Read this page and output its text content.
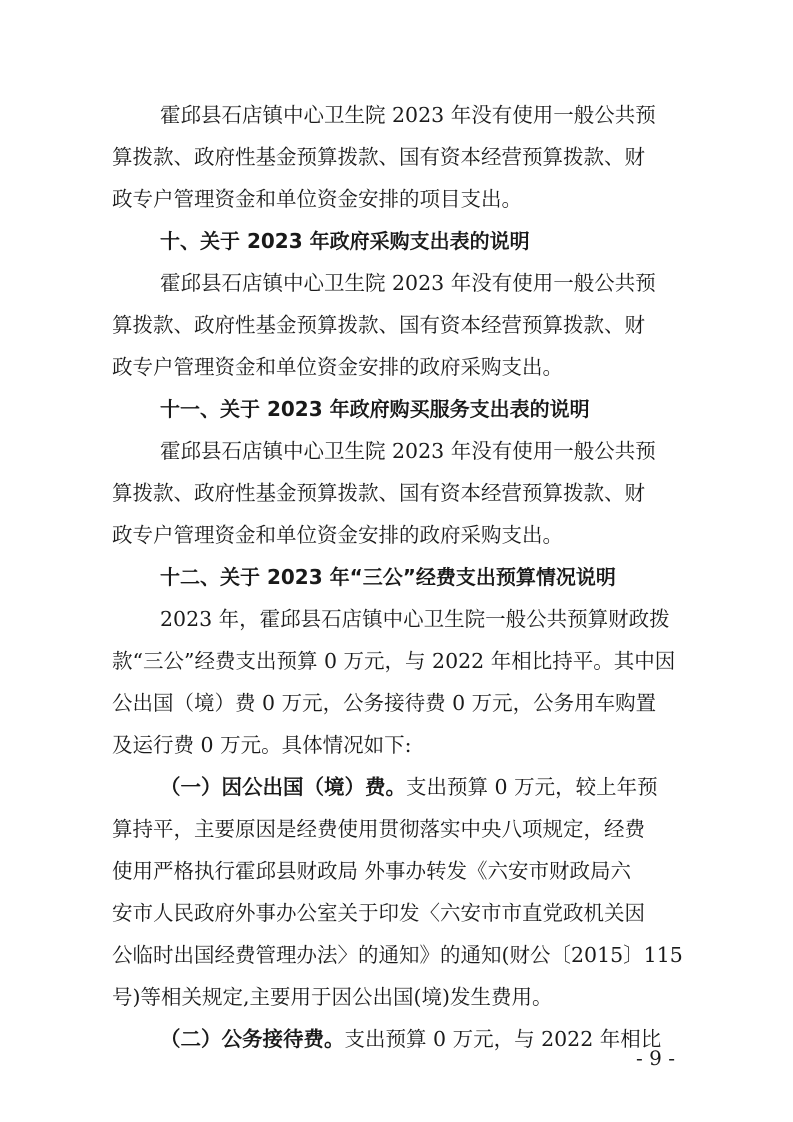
霍邱县石店镇中心卫生院 2023 年没有使用一般公共预
算拨款、政府性基金预算拨款、国有资本经营预算拨款、财
政专户管理资金和单位资金安排的项目支出。
十、关于 2023 年政府采购支出表的说明
霍邱县石店镇中心卫生院 2023 年没有使用一般公共预
算拨款、政府性基金预算拨款、国有资本经营预算拨款、财
政专户管理资金和单位资金安排的政府采购支出。
十一、关于 2023 年政府购买服务支出表的说明
霍邱县石店镇中心卫生院 2023 年没有使用一般公共预
算拨款、政府性基金预算拨款、国有资本经营预算拨款、财
政专户管理资金和单位资金安排的政府采购支出。
十二、关于 2023 年“三公”经费支出预算情况说明
2023 年，霍邱县石店镇中心卫生院一般公共预算财政拨
款“三公”经费支出预算 0 万元，与 2022 年相比持平。其中因
公出国（境）费 0 万元，公务接待费 0 万元，公务用车购置
及运行费 0 万元。具体情况如下:
（一）因公出国（境）费。支出预算 0 万元，较上年预
算持平，主要原因是经费使用贯彻落实中央八项规定，经费
使用严格执行霍邱县财政局 外事办转发《六安市财政局六
安市人民政府外事办公室关于印发〈六安市市直党政机关因
公临时出国经费管理办法〉的通知》的通知(财公〔2015〕115
号)等相关规定,主要用于因公出国(境)发生费用。
（二）公务接待费。支出预算 0 万元，与 2022 年相比
- 9 -
